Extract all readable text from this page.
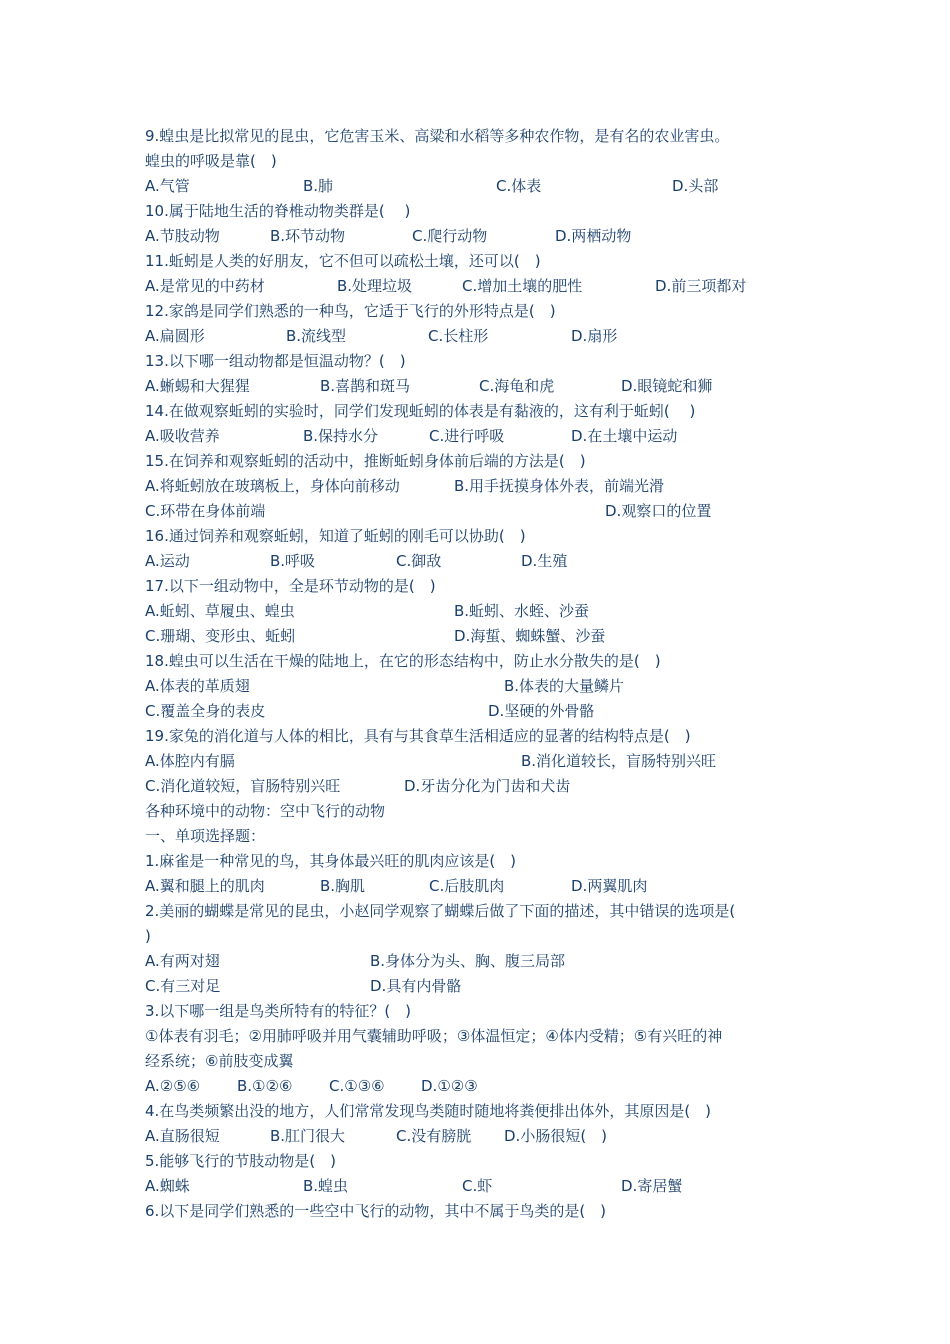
9.蝗虫是比拟常见的昆虫，它危害玉米、高粱和水稻等多种农作物，是有名的农业害虫。
蝗虫的呼吸是靠(　)
A.气管	B.肺	C.体表	D.头部
10.属于陆地生活的脊椎动物类群是(　 )
A.节肢动物	B.环节动物	C.爬行动物	D.两栖动物
11.蚯蚓是人类的好朋友，它不但可以疏松土壤，还可以(　)
A.是常见的中药材	B.处理垃圾	C.增加土壤的肥性	D.前三项都对
12.家鸽是同学们熟悉的一种鸟，它适于飞行的外形特点是(　)
A.扁圆形	B.流线型	C.长柱形	D.扇形
13.以下哪一组动物都是恒温动物？(　)
A.蜥蜴和大猩猩	B.喜鹊和斑马	C.海龟和虎	D.眼镜蛇和狮
14.在做观察蚯蚓的实验时，同学们发现蚯蚓的体表是有黏液的，这有利于蚯蚓(　 )
A.吸收营养	B.保持水分	C.进行呼吸	D.在土壤中运动
15.在饲养和观察蚯蚓的活动中，推断蚯蚓身体前后端的方法是(　)
A.将蚯蚓放在玻璃板上，身体向前移动	B.用手抚摸身体外表，前端光滑
C.环带在身体前端	D.观察口的位置
16.通过饲养和观察蚯蚓，知道了蚯蚓的刚毛可以协助(　)
A.运动	B.呼吸	C.御敌	D.生殖
17.以下一组动物中，全是环节动物的是(　)
A.蚯蚓、草履虫、蝗虫	B.蚯蚓、水蛭、沙蚕
C.珊瑚、变形虫、蚯蚓	D.海蜇、蜘蛛蟹、沙蚕
18.蝗虫可以生活在干燥的陆地上，在它的形态结构中，防止水分散失的是(　)
A.体表的革质翅	B.体表的大量鳞片
C.覆盖全身的表皮	D.坚硬的外骨骼
19.家兔的消化道与人体的相比，具有与其食草生活相适应的显著的结构特点是(　)
A.体腔内有膈	B.消化道较长，盲肠特别兴旺
C.消化道较短，盲肠特别兴旺	D.牙齿分化为门齿和犬齿
各种环境中的动物：空中飞行的动物
一、单项选择题：
1.麻雀是一种常见的鸟，其身体最兴旺的肌肉应该是(　)
A.翼和腿上的肌肉	B.胸肌	C.后肢肌肉	D.两翼肌肉
2.美丽的蝴蝶是常见的昆虫，小赵同学观察了蝴蝶后做了下面的描述，其中错误的选项是(
)
A.有两对翅	B.身体分为头、胸、腹三局部
C.有三对足	D.具有内骨骼
3.以下哪一组是鸟类所特有的特征？(　)
①体表有羽毛；②用肺呼吸并用气囊辅助呼吸；③体温恒定；④体内受精；⑤有兴旺的神
经系统；⑥前肢变成翼
A.②⑤⑥ B.①②⑥ C.①③⑥ D.①②③
4.在鸟类频繁出没的地方，人们常常发现鸟类随时随地将粪便排出体外，其原因是(　)
A.直肠很短	B.肛门很大	C.没有膀胱 D.小肠很短(　)
5.能够飞行的节肢动物是(　)
A.蜘蛛	B.蝗虫	C.虾	D.寄居蟹
6.以下是同学们熟悉的一些空中飞行的动物，其中不属于鸟类的是(　)
